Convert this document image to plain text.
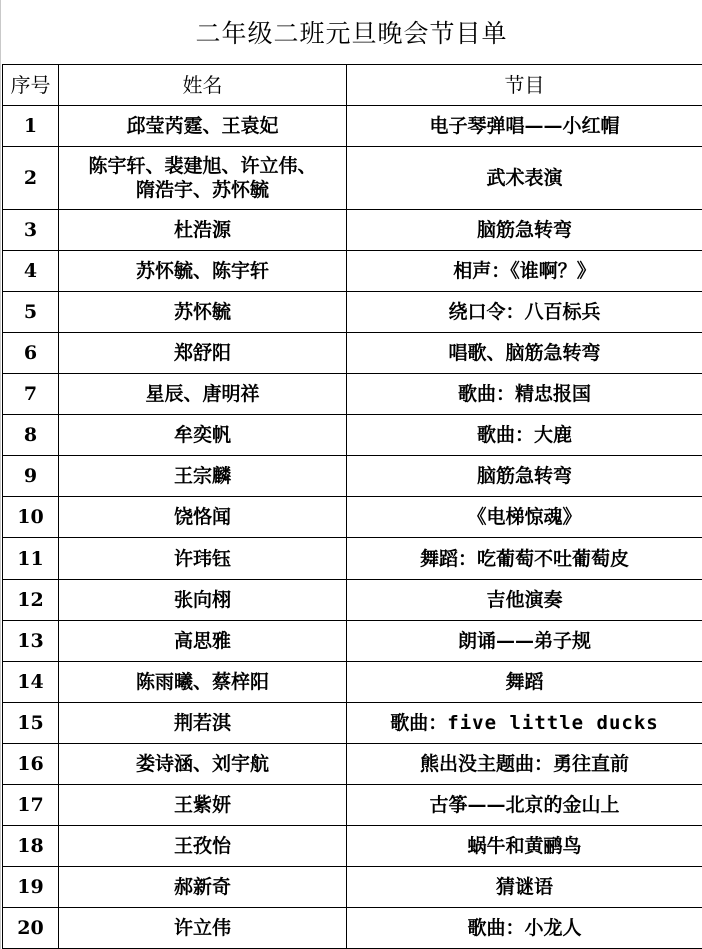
二年级二班元旦晚会节目单
序号	姓名	节目
1	邱莹芮霆、王袁妃	电子琴弹唱——小红帽
2	陈宇轩、裴建旭、许立伟、
隋浩宇、苏怀毓	武术表演
3	杜浩源	脑筋急转弯
4	苏怀毓、陈宇轩	相声：《谁啊？》
5	苏怀毓	绕口令：八百标兵
6	郑舒阳	唱歌、脑筋急转弯
7	星辰、唐明祥	歌曲：精忠报国
8	牟奕帆	歌曲：大鹿
9	王宗麟	脑筋急转弯
10	饶恪闻	《电梯惊魂》
11	许玮钰	舞蹈：吃葡萄不吐葡萄皮
12	张向栩	吉他演奏
13	高思雅	朗诵——弟子规
14	陈雨曦、蔡梓阳	舞蹈
15	荆若淇	歌曲：five little ducks
16	娄诗涵、刘宇航	熊出没主题曲：勇往直前
17	王紫妍	古筝——北京的金山上
18	王孜怡	蜗牛和黄鹂鸟
19	郝新奇	猜谜语
20	许立伟	歌曲：小龙人
